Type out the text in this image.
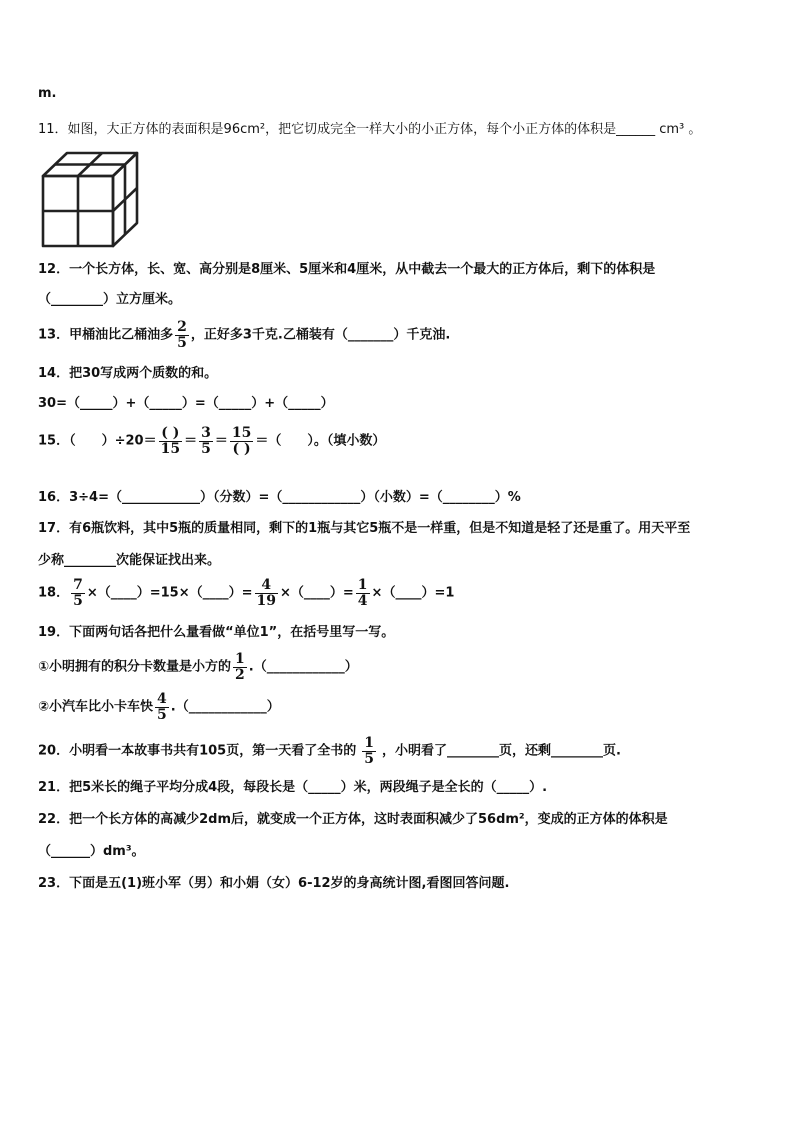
m.
11．如图，大正方体的表面积是96cm²，把它切成完全一样大小的小正方体，每个小正方体的体积是______ cm³ 。
12．一个长方体，长、宽、高分别是8厘米、5厘米和4厘米，从中截去一个最大的正方体后，剩下的体积是
（________）立方厘米。
13．甲桶油比乙桶油多 $\frac{2}{5}$ ，正好多3千克.乙桶装有（_______）千克油.
14．把30写成两个质数的和。
30=（_____）+（_____）=（_____）+（_____）
15．（　　）$\div 20= \frac{( )}{15} = \frac{3}{5} = \frac{15}{( )}$ ＝（　　）。（填小数）
16．3÷4=（____________）（分数）=（____________）（小数）=（________）%
17．有6瓶饮料，其中5瓶的质量相同，剩下的1瓶与其它5瓶不是一样重，但是不知道是轻了还是重了。用天平至
少称________次能保证找出来。
18． $\frac{7}{5}$ ×（____）=15×（____）= $\frac{4}{19}$ ×（____）= $\frac{1}{4}$ ×（____）=1
19．下面两句话各把什么量看做“单位1”，在括号里写一写。
①小明拥有的积分卡数量是小方的 $\frac{1}{2}$ .（____________）
②小汽车比小卡车快 $\frac{4}{5}$ .（____________）
20．小明看一本故事书共有105页，第一天看了全书的 $\frac{1}{5}$ ，小明看了________页，还剩________页.
21．把5米长的绳子平均分成4段，每段长是（_____）米，两段绳子是全长的（_____）.
22．把一个长方体的高减少2dm后，就变成一个正方体，这时表面积减少了56dm²，变成的正方体的体积是
（______）dm³。
23．下面是五(1)班小军（男）和小娟（女）6-12岁的身高统计图,看图回答问题.
